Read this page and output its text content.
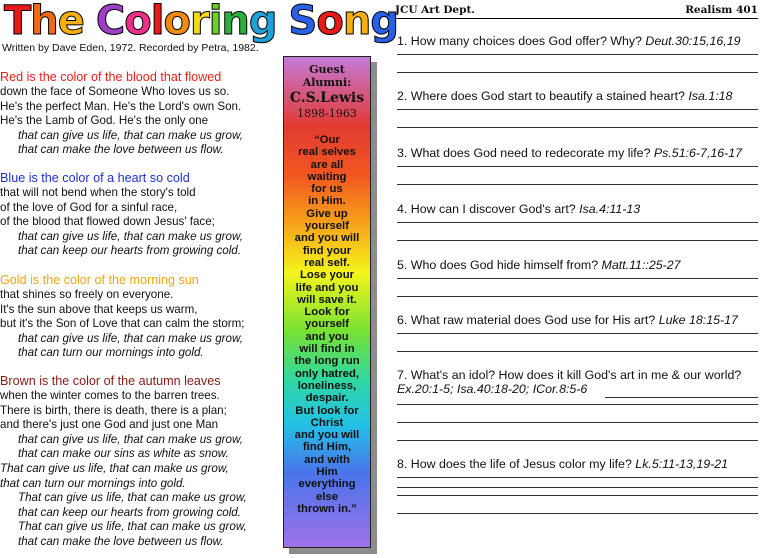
T h e
C o l o r i n g
S o n g
Written by Dave Eden, 1972. Recorded by Petra, 1982.
Red is the color of the blood that flowed
down the face of Someone Who loves us so.
He's the perfect Man. He's the Lord's own Son.
He's the Lamb of God. He's the only one
that can give us life, that can make us grow,
that can make the love between us flow.
Blue is the color of a heart so cold
that will not bend when the story's told
of the love of God for a sinful race,
of the blood that flowed down Jesus' face;
that can give us life, that can make us grow,
that can keep our hearts from growing cold.
Gold is the color of the morning sun
that shines so freely on everyone.
It's the sun above that keeps us warm,
but it's the Son of Love that can calm the storm;
that can give us life, that can make us grow,
that can turn our mornings into gold.
Brown is the color of the autumn leaves
when the winter comes to the barren trees.
There is birth, there is death, there is a plan;
and there's just one God and just one Man
that can give us life, that can make us grow,
that can make our sins as white as snow.
That can give us life, that can make us grow,
that can turn our mornings into gold.
That can give us life, that can make us grow,
that can keep our hearts from growing cold.
That can give us life, that can make us grow,
that can make the love between us flow.
Guest
Alumni:
C.S.Lewis
1898-1963
“Our
real selves
are all
waiting
for us
in Him.
Give up
yourself
and you will
find your
real self.
Lose your
life and you
will save it.
Look for
yourself
and you
will find in
the long run
only hatred,
loneliness,
despair.
But look for
Christ
and you will
find Him,
and with
Him
everything
else
thrown in.”
JCU Art Dept.	Realism 401
1. How many choices does God offer? Why? Deut.30:15,16,19
2. Where does God start to beautify a stained heart? Isa.1:18
3. What does God need to redecorate my life? Ps.51:6-7,16-17
4. How can I discover God's art? Isa.4:11-13
5. Who does God hide himself from? Matt.11::25-27
6. What raw material does God use for His art? Luke 18:15-17
7. What's an idol? How does it kill God's art in me & our world? Ex.20:1-5; Isa.40:18-20; ICor.8:5-6
8. How does the life of Jesus color my life? Lk.5:11-13,19-21
